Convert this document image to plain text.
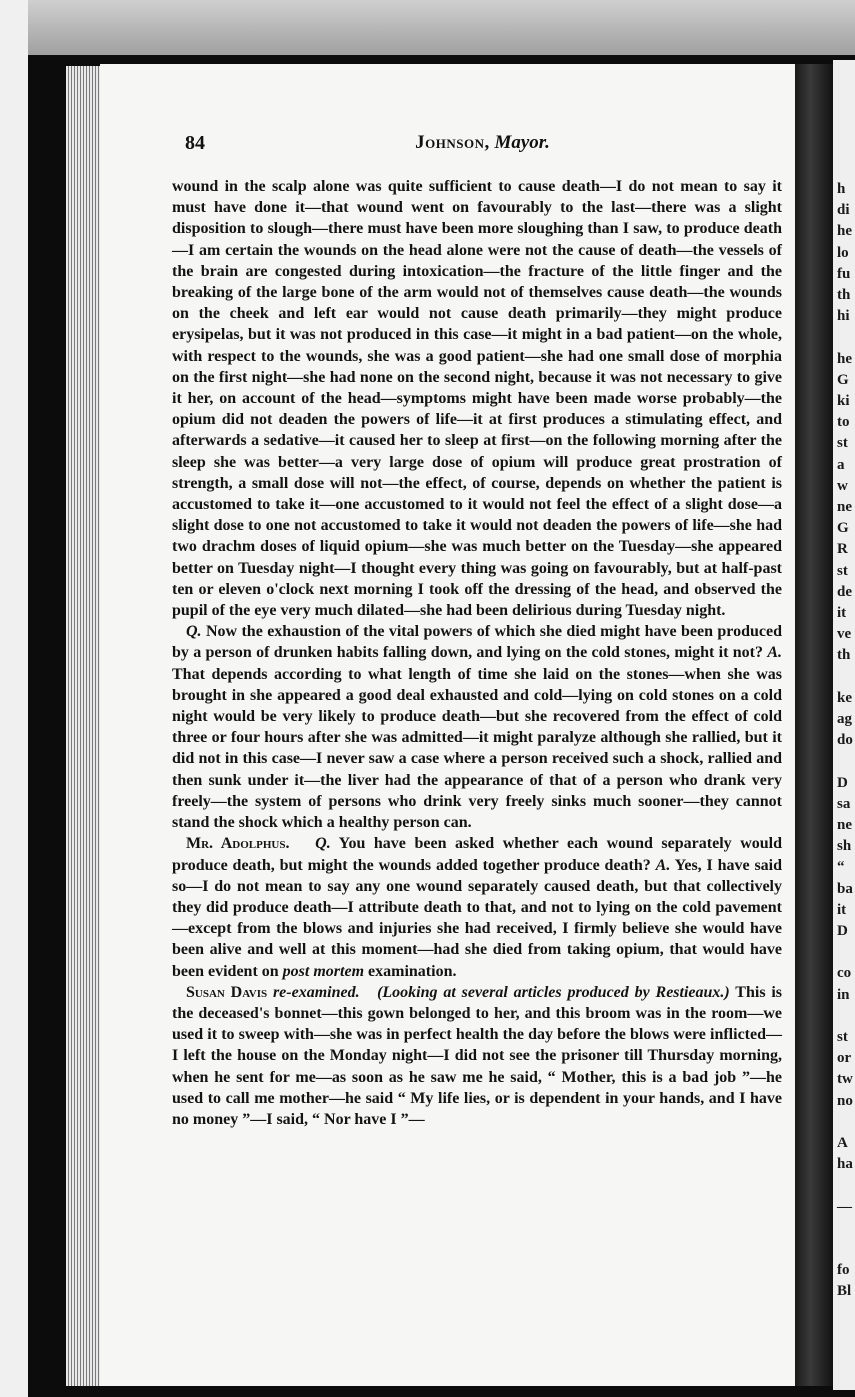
h
di
he
lo
fu
th
hi
he
G
ki
to
st
a
w
ne
G
R
st
de
it
ve
th
ke
ag
do
D
sa
ne
sh
“
ba
it
D
co
in
st
or
tw
no
A
ha
—
fo
Bl
84	Johnson, Mayor.

wound in the scalp alone was quite sufficient to cause death—I do not mean to say it must have done it—that wound went on favourably to the last—there was a slight disposition to slough—there must have been more sloughing than I saw, to produce death—I am certain the wounds on the head alone were not the cause of death—the vessels of the brain are congested during intoxication—the fracture of the little finger and the breaking of the large bone of the arm would not of themselves cause death—the wounds on the cheek and left ear would not cause death primarily—they might produce erysipelas, but it was not produced in this case—it might in a bad patient—on the whole, with respect to the wounds, she was a good patient—she had one small dose of morphia on the first night—she had none on the second night, because it was not necessary to give it her, on account of the head—symptoms might have been made worse probably—the opium did not deaden the powers of life—it at first produces a stimulating effect, and afterwards a sedative—it caused her to sleep at first—on the following morning after the sleep she was better—a very large dose of opium will produce great prostration of strength, a small dose will not—the effect, of course, depends on whether the patient is accustomed to take it—one accustomed to it would not feel the effect of a slight dose—a slight dose to one not accustomed to take it would not deaden the powers of life—she had two drachm doses of liquid opium—she was much better on the Tuesday—she appeared better on Tuesday night—I thought every thing was going on favourably, but at half-past ten or eleven o'clock next morning I took off the dressing of the head, and observed the pupil of the eye very much dilated—she had been delirious during Tuesday night.

Q. Now the exhaustion of the vital powers of which she died might have been produced by a person of drunken habits falling down, and lying on the cold stones, might it not? A. That depends according to what length of time she laid on the stones—when she was brought in she appeared a good deal exhausted and cold—lying on cold stones on a cold night would be very likely to produce death—but she recovered from the effect of cold three or four hours after she was admitted—it might paralyze although she rallied, but it did not in this case—I never saw a case where a person received such a shock, rallied and then sunk under it—the liver had the appearance of that of a person who drank very freely—the system of persons who drink very freely sinks much sooner—they cannot stand the shock which a healthy person can.

Mr. Adolphus. Q. You have been asked whether each wound separately would produce death, but might the wounds added together produce death? A. Yes, I have said so—I do not mean to say any one wound separately caused death, but that collectively they did produce death—I attribute death to that, and not to lying on the cold pavement—except from the blows and injuries she had received, I firmly believe she would have been alive and well at this moment—had she died from taking opium, that would have been evident on post mortem examination.

Susan Davis re-examined. (Looking at several articles produced by Restieaux.) This is the deceased's bonnet—this gown belonged to her, and this broom was in the room—we used it to sweep with—she was in perfect health the day before the blows were inflicted—I left the house on the Monday night—I did not see the prisoner till Thursday morning, when he sent for me—as soon as he saw me he said, “ Mother, this is a bad job ”—he used to call me mother—he said “ My life lies, or is dependent in your hands, and I have no money ”—I said, “ Nor have I ”—
